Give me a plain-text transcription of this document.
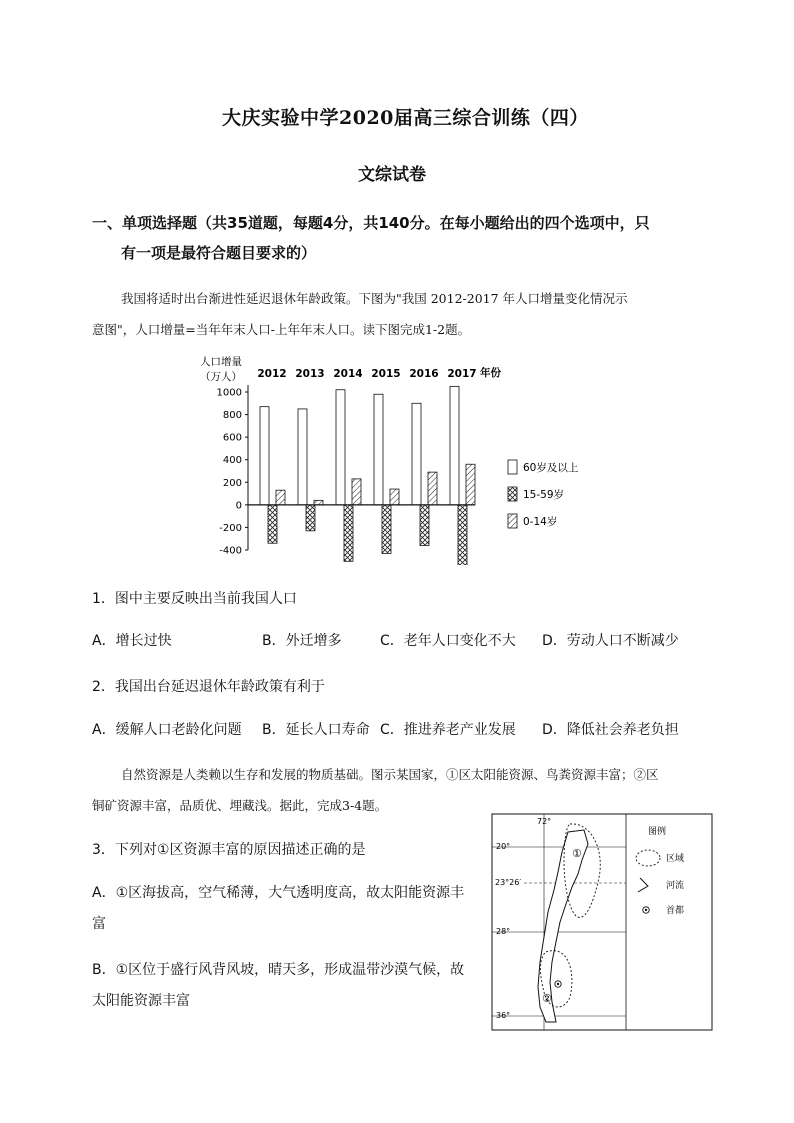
大庆实验中学2020届高三综合训练（四）
文综试卷
一、单项选择题（共35道题，每题4分，共140分。在每小题给出的四个选项中，只
有一项是最符合题目要求的）
我国将适时出台渐进性延迟退休年龄政策。下图为"我国 2012-2017 年人口增量变化情况示
意图"，人口增量=当年年末人口-上年年末人口。读下图完成1-2题。
人口增量
（万人）	年份
1000
800
600
400
200
0
-200
-400
2012 2013 2014 2015 2016 2017
60岁及以上
15-59岁
0-14岁
1．图中主要反映出当前我国人口
A．增长过快	B．外迁增多	C．老年人口变化不大 D．劳动人口不断减少
2．我国出台延迟退休年龄政策有利于
A．缓解人口老龄化问题 B．延长人口寿命 C．推进养老产业发展 D．降低社会养老负担
自然资源是人类赖以生存和发展的物质基础。图示某国家，①区太阳能资源、鸟粪资源丰富；②区
铜矿资源丰富，品质优、埋藏浅。据此，完成3-4题。
3．下列对①区资源丰富的原因描述正确的是
A．①区海拔高，空气稀薄，大气透明度高，故太阳能资源丰
富
B．①区位于盛行风背风坡，晴天多，形成温带沙漠气候，故
太阳能资源丰富
72°
20°
23°26′
28°
36°
①
②
图例
区域
河流
首都
